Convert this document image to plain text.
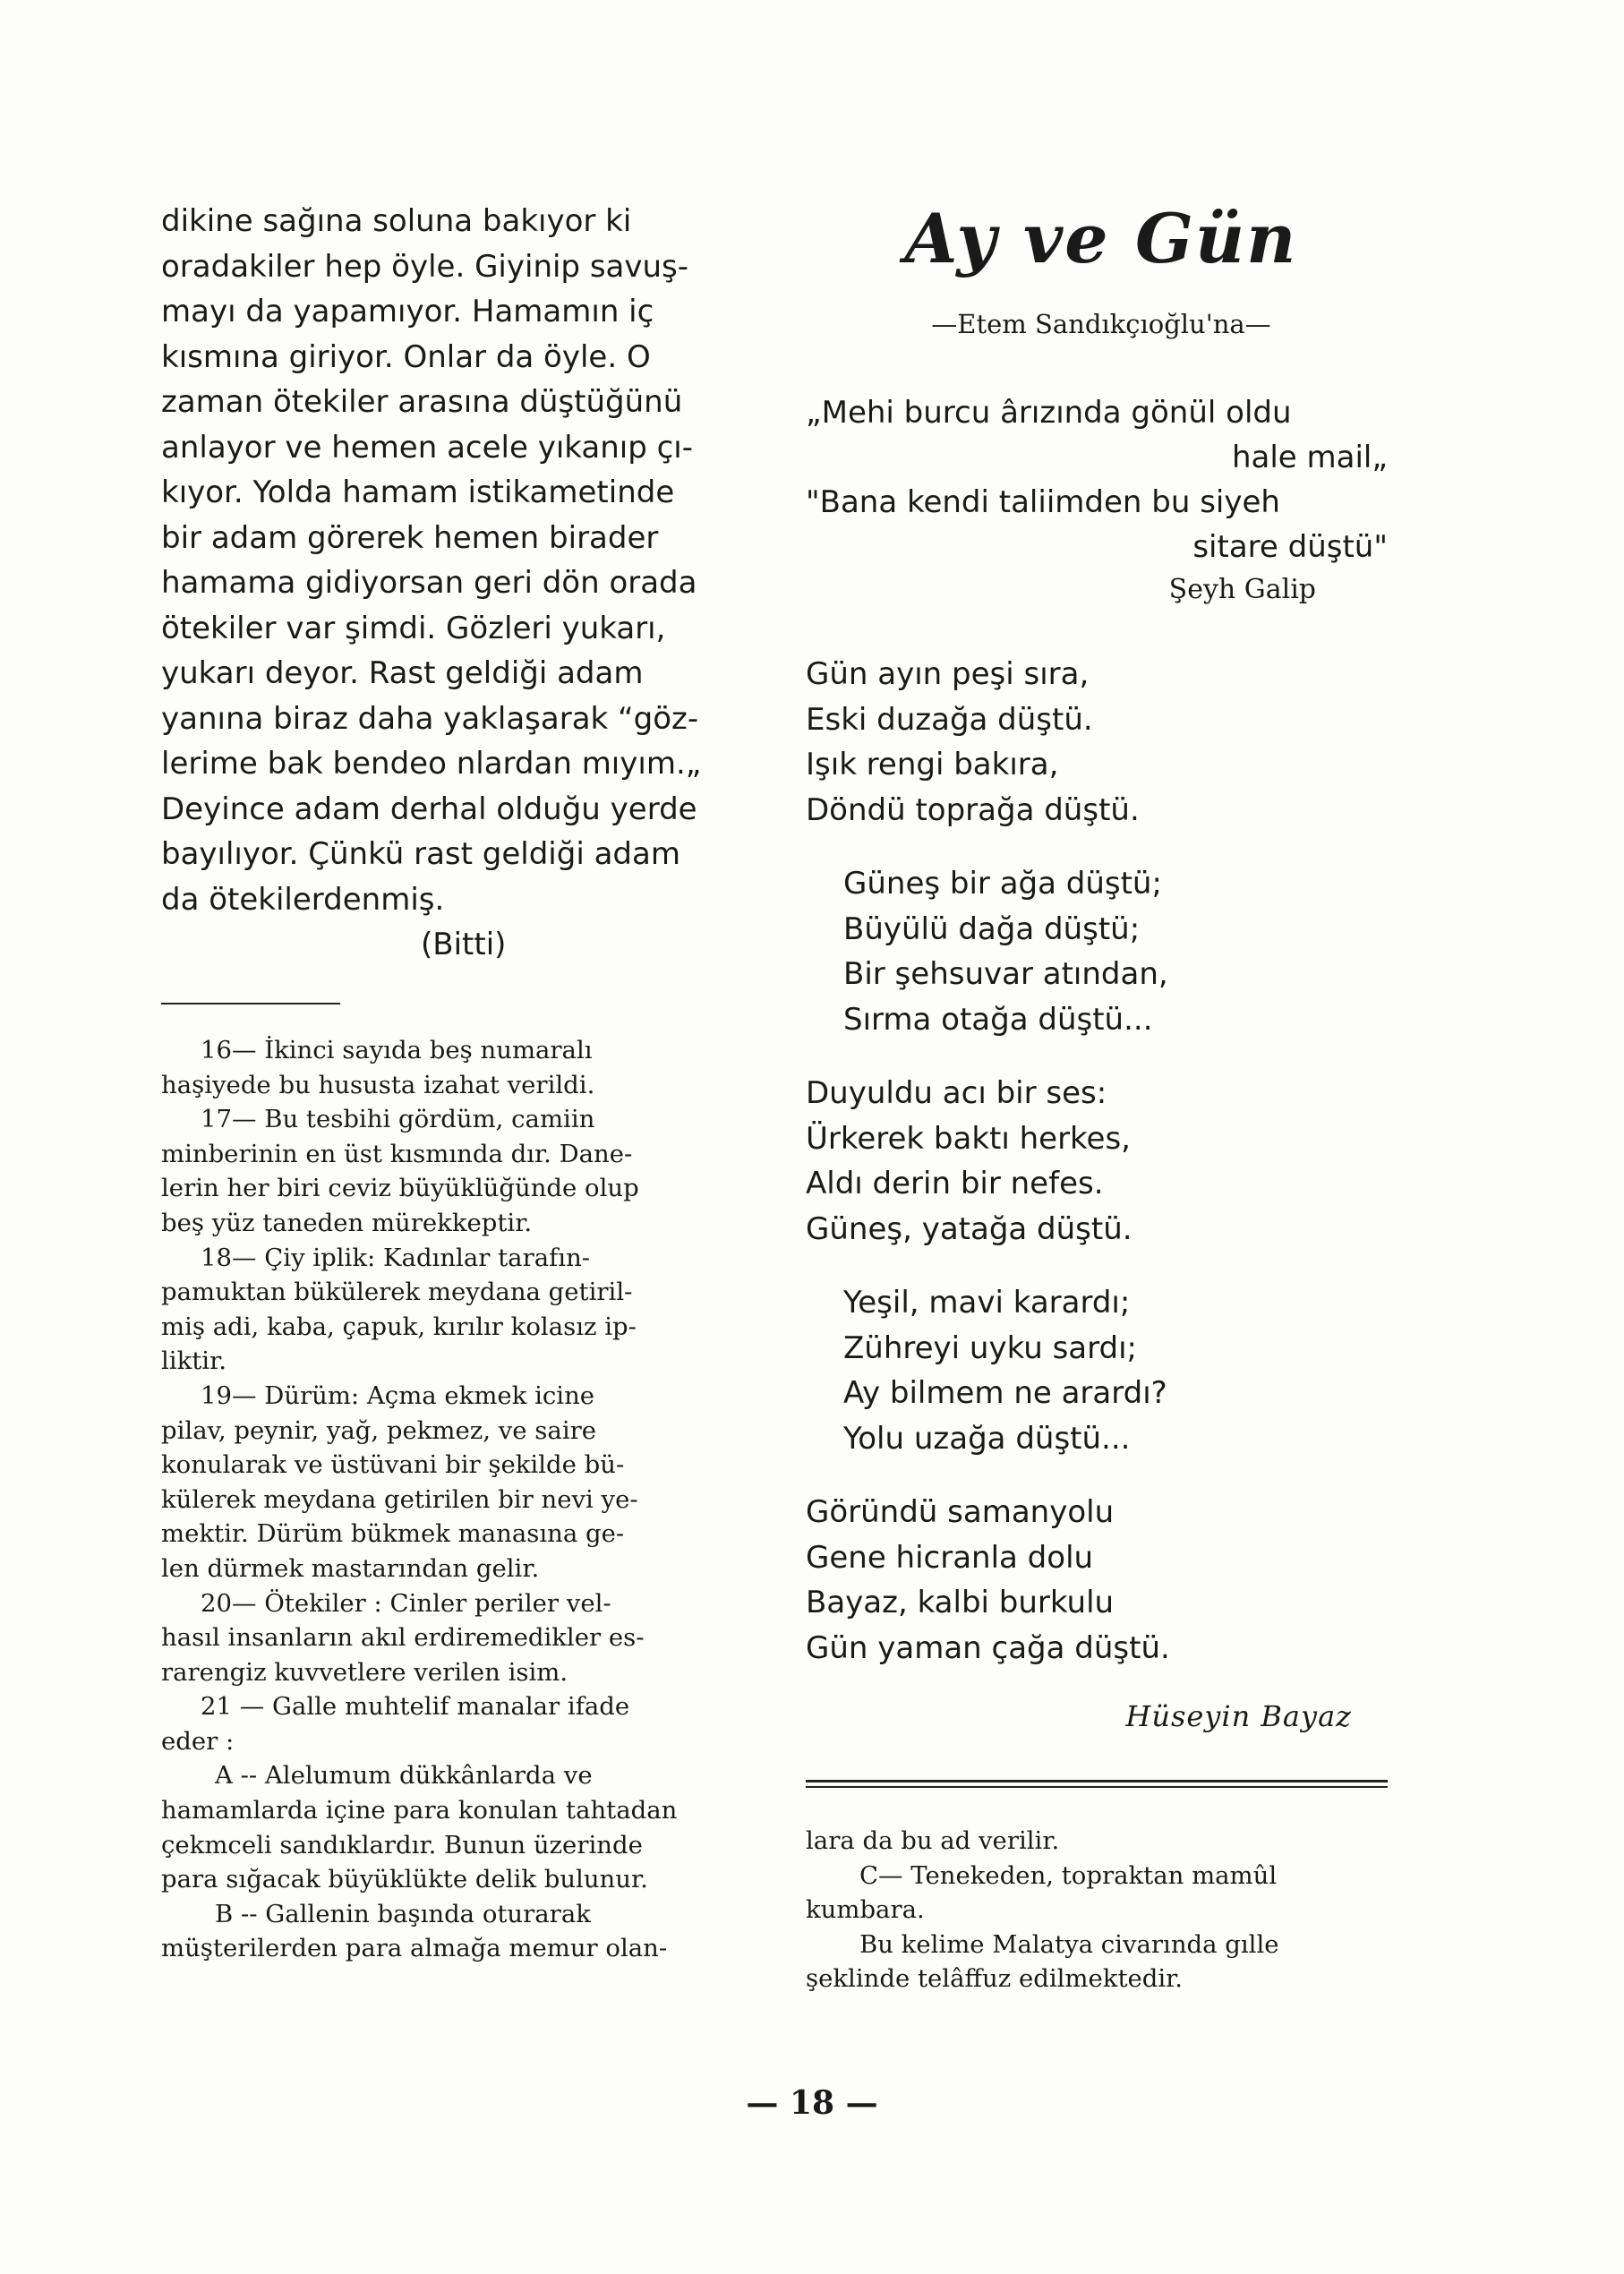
dikine sağına soluna bakıyor ki

oradakiler hep öyle. Giyinip savuş-

mayı da yapamıyor. Hamamın iç

kısmına giriyor. Onlar da öyle. O

zaman ötekiler arasına düştüğünü

anlayor ve hemen acele yıkanıp çı-

kıyor. Yolda hamam istikametinde

bir adam görerek hemen birader

hamama gidiyorsan geri dön orada

ötekiler var şimdi. Gözleri yukarı,

yukarı deyor. Rast geldiği adam

yanına biraz daha yaklaşarak “göz-

lerime bak bendeo nlardan mıyım.„

Deyince adam derhal olduğu yerde

bayılıyor. Çünkü rast geldiği adam

da ötekilerdenmiş.

(Bitti)

16— İkinci sayıda beş numaralı

haşiyede bu hususta izahat verildi.

17— Bu tesbihi gördüm, camiin

minberinin en üst kısmında dır. Dane-

lerin her biri ceviz büyüklüğünde olup

beş yüz taneden mürekkeptir.

18— Çiy iplik: Kadınlar tarafın-

pamuktan bükülerek meydana getiril-

miş adi, kaba, çapuk, kırılır kolasız ip-

liktir.

19— Dürüm: Açma ekmek icine

pilav, peynir, yağ, pekmez, ve saire

konularak ve üstüvani bir şekilde bü-

külerek meydana getirilen bir nevi ye-

mektir. Dürüm bükmek manasına ge-

len dürmek mastarından gelir.

20— Ötekiler : Cinler periler vel-

hasıl insanların akıl erdiremedikler es-

rarengiz kuvvetlere verilen isim.

21 — Galle muhtelif manalar ifade

eder :

A -- Alelumum dükkânlarda ve

hamamlarda içine para konulan tahtadan

çekmceli sandıklardır. Bunun üzerinde

para sığacak büyüklükte delik bulunur.

B -- Gallenin başında oturarak

müşterilerden para almağa memur olan-

Ay ve Gün
—Etem Sandıkçıoğlu'na—
„Mehi burcu ârızında gönül oldu
hale mail„
"Bana kendi taliimden bu siyeh
sitare düştü"
Şeyh Galip
Gün ayın peşi sıra,
Eski duzağa düştü.
Işık rengi bakıra,
Döndü toprağa düştü.
Güneş bir ağa düştü;
Büyülü dağa düştü;
Bir şehsuvar atından,
Sırma otağa düştü...
Duyuldu acı bir ses:
Ürkerek baktı herkes,
Aldı derin bir nefes.
Güneş, yatağa düştü.
Yeşil, mavi karardı;
Zühreyi uyku sardı;
Ay bilmem ne arardı?
Yolu uzağa düştü...
Göründü samanyolu
Gene hicranla dolu
Bayaz, kalbi burkulu
Gün yaman çağa düştü.
Hüseyin Bayaz

lara da bu ad verilir.

C— Tenekeden, topraktan mamûl

kumbara.

Bu kelime Malatya civarında gılle

şeklinde telâffuz edilmektedir.

— 18 —
